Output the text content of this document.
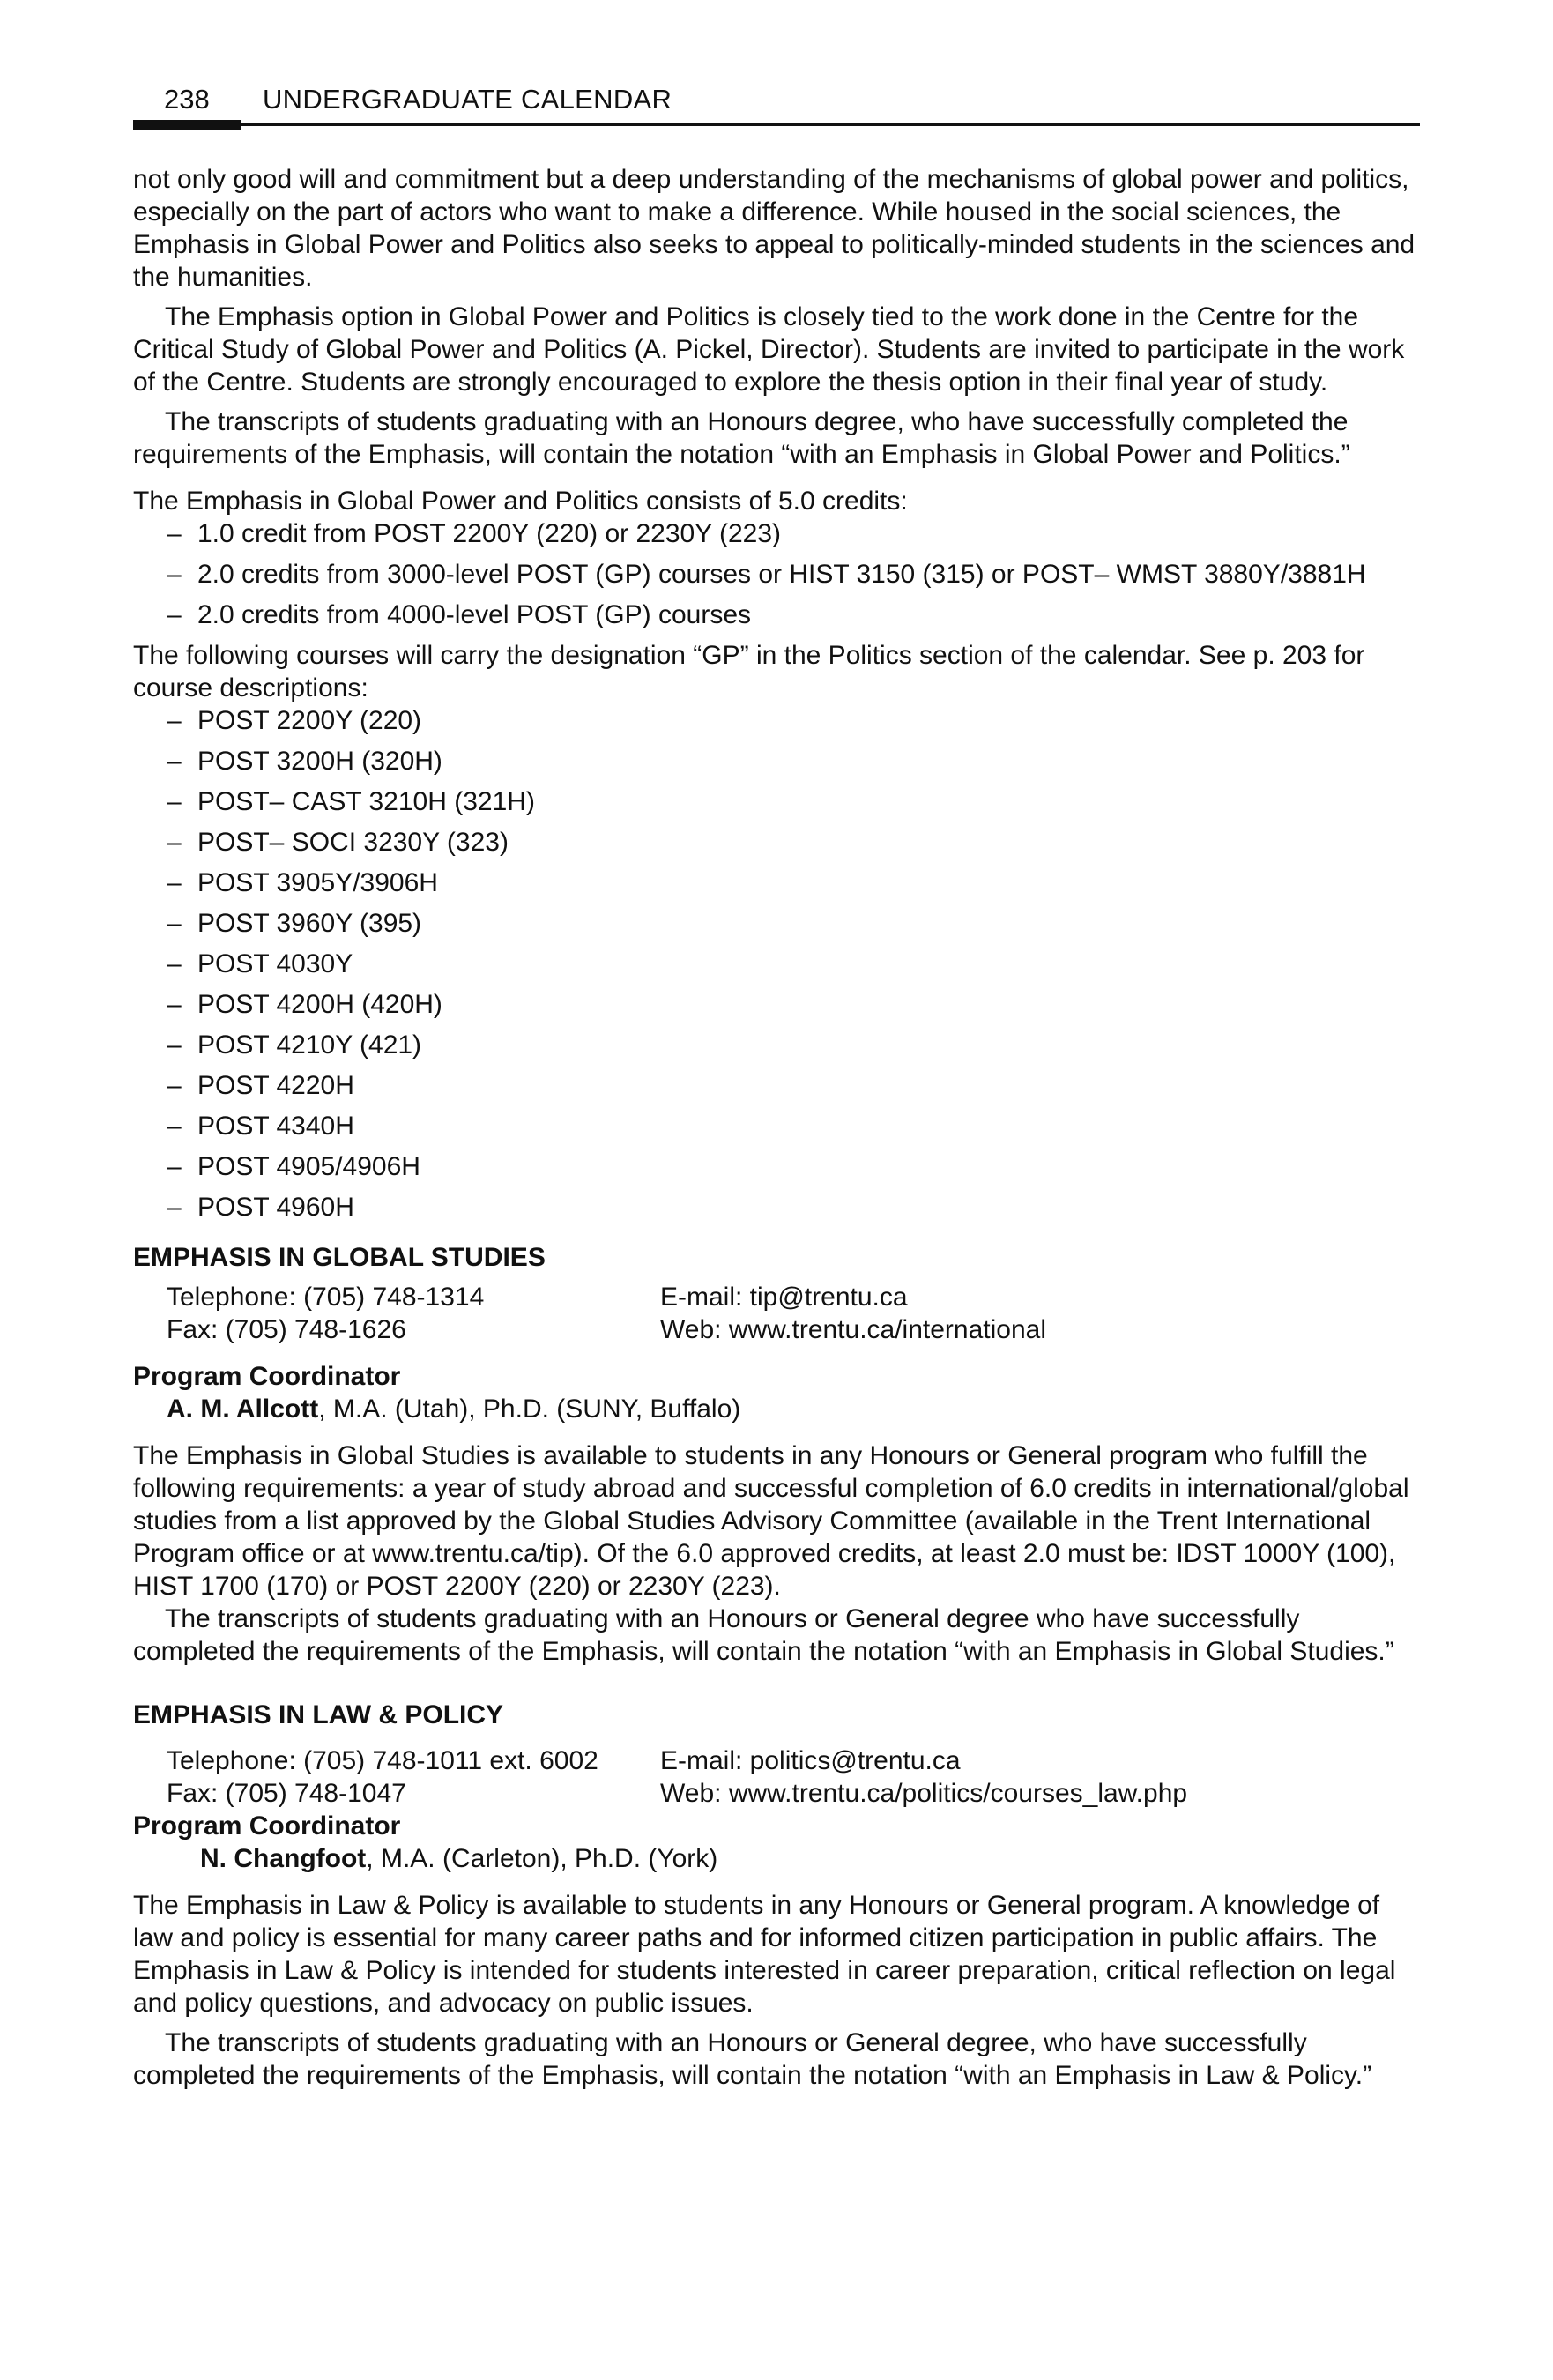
238 UNDERGRADUATE CALENDAR

not only good will and commitment but a deep understanding of the mechanisms of global power and politics, especially on the part of actors who want to make a difference. While housed in the social sciences, the Emphasis in Global Power and Politics also seeks to appeal to politically-minded students in the sciences and the humanities.

The Emphasis option in Global Power and Politics is closely tied to the work done in the Centre for the Critical Study of Global Power and Politics (A. Pickel, Director). Students are invited to participate in the work of the Centre. Students are strongly encouraged to explore the thesis option in their final year of study.

The transcripts of students graduating with an Honours degree, who have successfully completed the requirements of the Emphasis, will contain the notation “with an Emphasis in Global Power and Politics.”

The Emphasis in Global Power and Politics consists of 5.0 credits:

– 1.0 credit from POST 2200Y (220) or 2230Y (223)
– 2.0 credits from 3000-level POST (GP) courses or HIST 3150 (315) or POST– WMST 3880Y/3881H
– 2.0 credits from 4000-level POST (GP) courses

The following courses will carry the designation “GP” in the Politics section of the calendar. See p. 203 for course descriptions:

– POST 2200Y (220)
– POST 3200H (320H)
– POST– CAST 3210H (321H)
– POST– SOCI 3230Y (323)
– POST 3905Y/3906H
– POST 3960Y (395)
– POST 4030Y
– POST 4200H (420H)
– POST 4210Y (421)
– POST 4220H
– POST 4340H
– POST 4905/4906H
– POST 4960H
EMPHASIS IN GLOBAL STUDIES
Telephone: (705) 748-1314	E-mail: tip@trentu.ca
Fax: (705) 748-1626	Web: www.trentu.ca/international

Program Coordinator

A. M. Allcott, M.A. (Utah), Ph.D. (SUNY, Buffalo)

The Emphasis in Global Studies is available to students in any Honours or General program who fulfill the following requirements: a year of study abroad and successful completion of 6.0 credits in international/global studies from a list approved by the Global Studies Advisory Committee (available in the Trent International Program office or at www.trentu.ca/tip). Of the 6.0 approved credits, at least 2.0 must be: IDST 1000Y (100), HIST 1700 (170) or POST 2200Y (220) or 2230Y (223).

The transcripts of students graduating with an Honours or General degree who have successfully completed the requirements of the Emphasis, will contain the notation “with an Emphasis in Global Studies.”

EMPHASIS IN LAW & POLICY
Telephone: (705) 748-1011 ext. 6002	E-mail: politics@trentu.ca
Fax: (705) 748-1047	Web: www.trentu.ca/politics/courses_law.php

Program Coordinator

N. Changfoot, M.A. (Carleton), Ph.D. (York)

The Emphasis in Law & Policy is available to students in any Honours or General program. A knowledge of law and policy is essential for many career paths and for informed citizen participation in public affairs. The Emphasis in Law & Policy is intended for students interested in career preparation, critical reflection on legal and policy questions, and advocacy on public issues.

The transcripts of students graduating with an Honours or General degree, who have successfully completed the requirements of the Emphasis, will contain the notation “with an Emphasis in Law & Policy.”
